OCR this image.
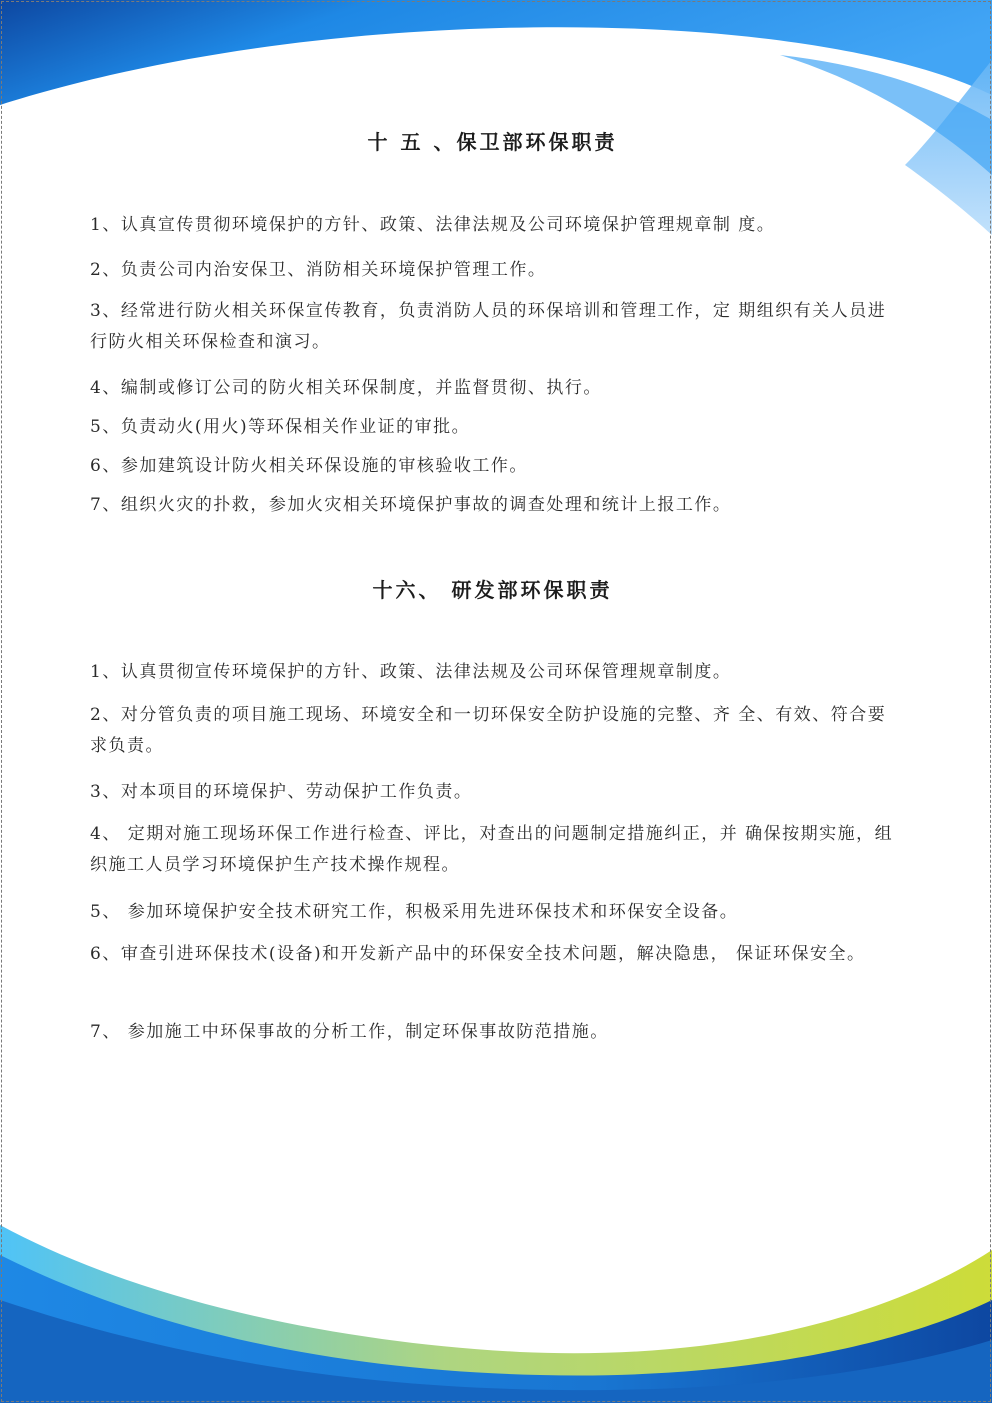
十 五 、保卫部环保职责
1、认真宣传贯彻环境保护的方针、政策、法律法规及公司环境保护管理规章制 度。
2、负责公司内治安保卫、消防相关环境保护管理工作。
3、经常进行防火相关环保宣传教育，负责消防人员的环保培训和管理工作，定 期组织有关人员进行防火相关环保检查和演习。
4、编制或修订公司的防火相关环保制度，并监督贯彻、执行。
5、负责动火(用火)等环保相关作业证的审批。
6、参加建筑设计防火相关环保设施的审核验收工作。
7、组织火灾的扑救，参加火灾相关环境保护事故的调查处理和统计上报工作。
十六、 研发部环保职责
1、认真贯彻宣传环境保护的方针、政策、法律法规及公司环保管理规章制度。
2、对分管负责的项目施工现场、环境安全和一切环保安全防护设施的完整、齐 全、有效、符合要求负责。
3、对本项目的环境保护、劳动保护工作负责。
4、 定期对施工现场环保工作进行检查、评比，对查出的问题制定措施纠正，并 确保按期实施，组织施工人员学习环境保护生产技术操作规程。
5、 参加环境保护安全技术研究工作，积极采用先进环保技术和环保安全设备。
6、审查引进环保技术(设备)和开发新产品中的环保安全技术问题，解决隐患， 保证环保安全。
7、 参加施工中环保事故的分析工作，制定环保事故防范措施。
